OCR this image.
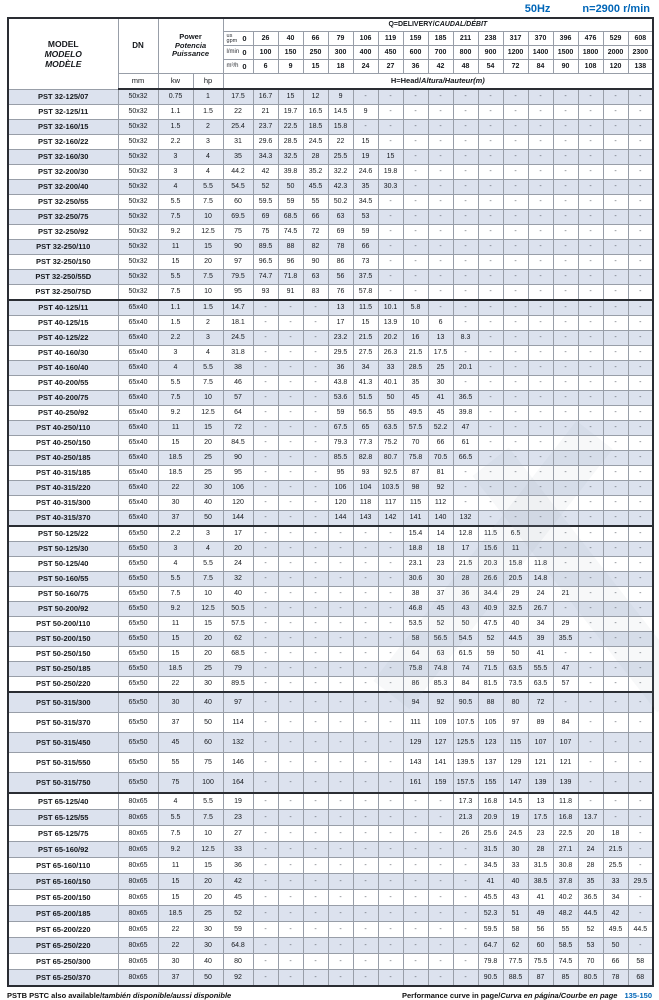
50Hz	n=2900 r/min
MODEL
MODELO
MODÈLE
	DN	
Power
Potencia
Puissance
	Q=DELIVERY/CAUDAL/DÉBIT

				us
gpm 0	26	40	66	79	106	119	159	185	211	238	317	370	396	476	529	608

				l/min 0	100	150	250	300	400	450	600	700	800	900	1200	1400	1500	1800	2000	2300

				m³/h 0	6	9	15	18	24	27	36	42	48	54	72	84	90	108	120	138
	mm	kw	hp	H=Head/Altura/Hauteur(m)																
PST 32-125/07	50x32	0.75	1	17.5	16.7	15	12	9	-	-	-	-	-	-	-	-	-	-	-	-
PST 32-125/11	50x32	1.1	1.5	22	21	19.7	16.5	14.5	9	-	-	-	-	-	-	-	-	-	-	-
PST 32-160/15	50x32	1.5	2	25.4	23.7	22.5	18.5	15.8	-	-	-	-	-	-	-	-	-	-	-	-
PST 32-160/22	50x32	2.2	3	31	29.6	28.5	24.5	22	15	-	-	-	-	-	-	-	-	-	-	-
PST 32-160/30	50x32	3	4	35	34.3	32.5	28	25.5	19	15	-	-	-	-	-	-	-	-	-	-
PST 32-200/30	50x32	3	4	44.2	42	39.8	35.2	32.2	24.6	19.8	-	-	-	-	-	-	-	-	-	-
PST 32-200/40	50x32	4	5.5	54.5	52	50	45.5	42.3	35	30.3	-	-	-	-	-	-	-	-	-	-
PST 32-250/55	50x32	5.5	7.5	60	59.5	59	55	50.2	34.5	-	-	-	-	-	-	-	-	-	-	-
PST 32-250/75	50x32	7.5	10	69.5	69	68.5	66	63	53	-	-	-	-	-	-	-	-	-	-	-
PST 32-250/92	50x32	9.2	12.5	75	75	74.5	72	69	59	-	-	-	-	-	-	-	-	-	-	-
PST 32-250/110	50x32	11	15	90	89.5	88	82	78	66	-	-	-	-	-	-	-	-	-	-	-
PST 32-250/150	50x32	15	20	97	96.5	96	90	86	73	-	-	-	-	-	-	-	-	-	-	-
PST 32-250/55D	50x32	5.5	7.5	79.5	74.7	71.8	63	56	37.5	-	-	-	-	-	-	-	-	-	-	-
PST 32-250/75D	50x32	7.5	10	95	93	91	83	76	57.8	-	-	-	-	-	-	-	-	-	-	-
PST 40-125/11	65x40	1.1	1.5	14.7	-	-	-	13	11.5	10.1	5.8	-	-	-	-	-	-	-	-	-
PST 40-125/15	65x40	1.5	2	18.1	-	-	-	17	15	13.9	10	6	-	-	-	-	-	-	-	-
PST 40-125/22	65x40	2.2	3	24.5	-	-	-	23.2	21.5	20.2	16	13	8.3	-	-	-	-	-	-	-
PST 40-160/30	65x40	3	4	31.8	-	-	-	29.5	27.5	26.3	21.5	17.5	-	-	-	-	-	-	-	-
PST 40-160/40	65x40	4	5.5	38	-	-	-	36	34	33	28.5	25	20.1	-	-	-	-	-	-	-
PST 40-200/55	65x40	5.5	7.5	46	-	-	-	43.8	41.3	40.1	35	30	-	-	-	-	-	-	-	-
PST 40-200/75	65x40	7.5	10	57	-	-	-	53.6	51.5	50	45	41	36.5	-	-	-	-	-	-	-
PST 40-250/92	65x40	9.2	12.5	64	-	-	-	59	56.5	55	49.5	45	39.8	-	-	-	-	-	-	-
PST 40-250/110	65x40	11	15	72	-	-	-	67.5	65	63.5	57.5	52.2	47	-	-	-	-	-	-	-
PST 40-250/150	65x40	15	20	84.5	-	-	-	79.3	77.3	75.2	70	66	61	-	-	-	-	-	-	-
PST 40-250/185	65x40	18.5	25	90	-	-	-	85.5	82.8	80.7	75.8	70.5	66.5	-	-	-	-	-	-	-
PST 40-315/185	65x40	18.5	25	95	-	-	-	95	93	92.5	87	81	-	-	-	-	-	-	-	-
PST 40-315/220	65x40	22	30	106	-	-	-	106	104	103.5	98	92	-	-	-	-	-	-	-	-
PST 40-315/300	65x40	30	40	120	-	-	-	120	118	117	115	112	-	-	-	-	-	-	-	-
PST 40-315/370	65x40	37	50	144	-	-	-	144	143	142	141	140	132	-	-	-	-	-	-	-
PST 50-125/22	65x50	2.2	3	17	-	-	-	-	-	-	15.4	14	12.8	11.5	6.5	-	-	-	-	-
PST 50-125/30	65x50	3	4	20	-	-	-	-	-	-	18.8	18	17	15.6	11	-	-	-	-	-
PST 50-125/40	65x50	4	5.5	24	-	-	-	-	-	-	23.1	23	21.5	20.3	15.8	11.8	-	-	-	-
PST 50-160/55	65x50	5.5	7.5	32	-	-	-	-	-	-	30.6	30	28	26.6	20.5	14.8	-	-	-	-
PST 50-160/75	65x50	7.5	10	40	-	-	-	-	-	-	38	37	36	34.4	29	24	21	-	-	-
PST 50-200/92	65x50	9.2	12.5	50.5	-	-	-	-	-	-	46.8	45	43	40.9	32.5	26.7	-	-	-	-
PST 50-200/110	65x50	11	15	57.5	-	-	-	-	-	-	53.5	52	50	47.5	40	34	29	-	-	-
PST 50-200/150	65x50	15	20	62	-	-	-	-	-	-	58	56.5	54.5	52	44.5	39	35.5	-	-	-
PST 50-250/150	65x50	15	20	68.5	-	-	-	-	-	-	64	63	61.5	59	50	41	-	-	-	-
PST 50-250/185	65x50	18.5	25	79	-	-	-	-	-	-	75.8	74.8	74	71.5	63.5	55.5	47	-	-	-
PST 50-250/220	65x50	22	30	89.5	-	-	-	-	-	-	86	85.3	84	81.5	73.5	63.5	57	-	-	-
PST 50-315/300	65x50	30	40	97	-	-	-	-	-	-	94	92	90.5	88	80	72	-	-	-	-
PST 50-315/370	65x50	37	50	114	-	-	-	-	-	-	111	109	107.5	105	97	89	84	-	-	-
PST 50-315/450	65x50	45	60	132	-	-	-	-	-	-	129	127	125.5	123	115	107	107	-	-	-
PST 50-315/550	65x50	55	75	146	-	-	-	-	-	-	143	141	139.5	137	129	121	121	-	-	-
PST 50-315/750	65x50	75	100	164	-	-	-	-	-	-	161	159	157.5	155	147	139	139	-	-	-
PST 65-125/40	80x65	4	5.5	19	-	-	-	-	-	-	-	-	17.3	16.8	14.5	13	11.8	-	-	-
PST 65-125/55	80x65	5.5	7.5	23	-	-	-	-	-	-	-	-	21.3	20.9	19	17.5	16.8	13.7	-	-
PST 65-125/75	80x65	7.5	10	27	-	-	-	-	-	-	-	-	26	25.6	24.5	23	22.5	20	18	-
PST 65-160/92	80x65	9.2	12.5	33	-	-	-	-	-	-	-	-	-	31.5	30	28	27.1	24	21.5	-
PST 65-160/110	80x65	11	15	36	-	-	-	-	-	-	-	-	-	34.5	33	31.5	30.8	28	25.5	-
PST 65-160/150	80x65	15	20	42	-	-	-	-	-	-	-	-	-	41	40	38.5	37.8	35	33	29.5
PST 65-200/150	80x65	15	20	45	-	-	-	-	-	-	-	-	-	45.5	43	41	40.2	36.5	34	-
PST 65-200/185	80x65	18.5	25	52	-	-	-	-	-	-	-	-	-	52.3	51	49	48.2	44.5	42	-
PST 65-200/220	80x65	22	30	59	-	-	-	-	-	-	-	-	-	59.5	58	56	55	52	49.5	44.5
PST 65-250/220	80x65	22	30	64.8	-	-	-	-	-	-	-	-	-	64.7	62	60	58.5	53	50	-
PST 65-250/300	80x65	30	40	80	-	-	-	-	-	-	-	-	-	79.8	77.5	75.5	74.5	70	66	58
PST 65-250/370	80x65	37	50	92	-	-	-	-	-	-	-	-	-	90.5	88.5	87	85	80.5	78	68
PSTB PSTC also available/también disponible/aussi disponible	Performance curve in page/Curva en página/Courbe en page 135-150
